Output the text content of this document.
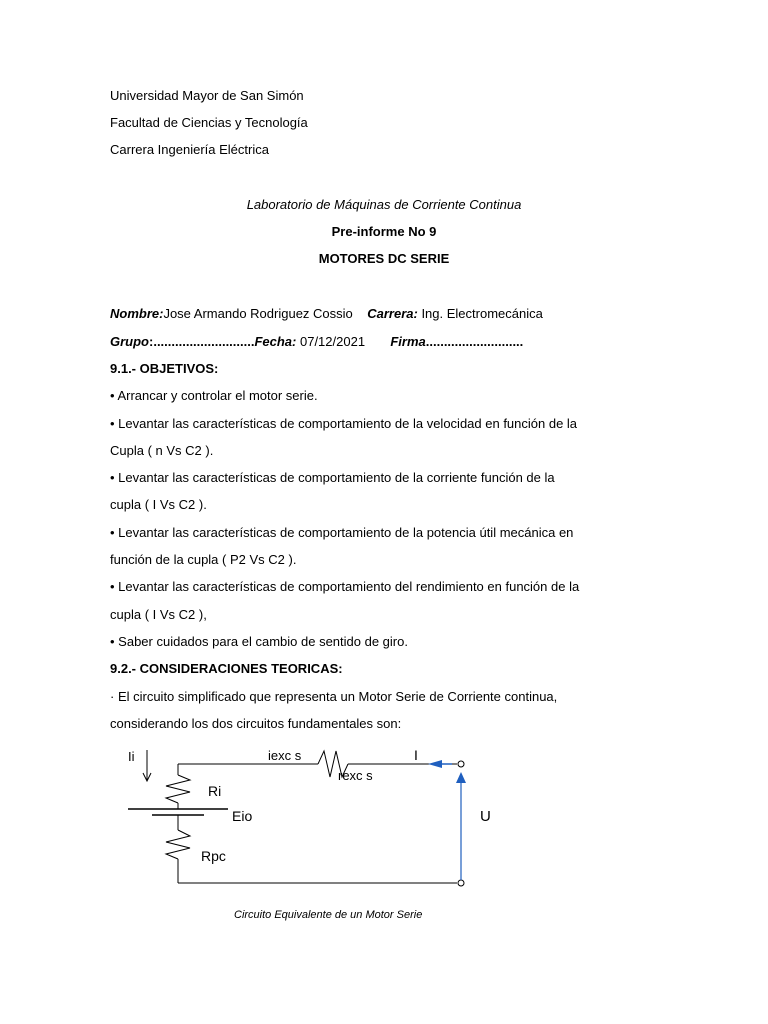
Universidad Mayor de San Simón
Facultad de Ciencias y Tecnología
Carrera Ingeniería Eléctrica
Laboratorio de Máquinas de Corriente Continua
Pre-informe No 9
MOTORES DC SERIE
Nombre:Jose Armando Rodriguez Cossio Carrera: Ing. Electromecánica
Grupo:............................Fecha: 07/12/2021 Firma...........................
9.1.- OBJETIVOS:
• Arrancar y controlar el motor serie.
• Levantar las características de comportamiento de la velocidad en función de la
Cupla ( n Vs C2 ).
• Levantar las características de comportamiento de la corriente función de la
cupla ( I Vs C2 ).
• Levantar las características de comportamiento de la potencia útil mecánica en
función de la cupla ( P2 Vs C2 ).
• Levantar las características de comportamiento del rendimiento en función de la
cupla ( I Vs C2 ),
• Saber cuidados para el cambio de sentido de giro.
9.2.- CONSIDERACIONES TEORICAS:
· El circuito simplificado que representa un Motor Serie de Corriente continua,
considerando los dos circuitos fundamentales son:
iexc s
rexc s
I
Ii
Ri
Eio
Rpc
U
Circuito Equivalente de un Motor Serie
